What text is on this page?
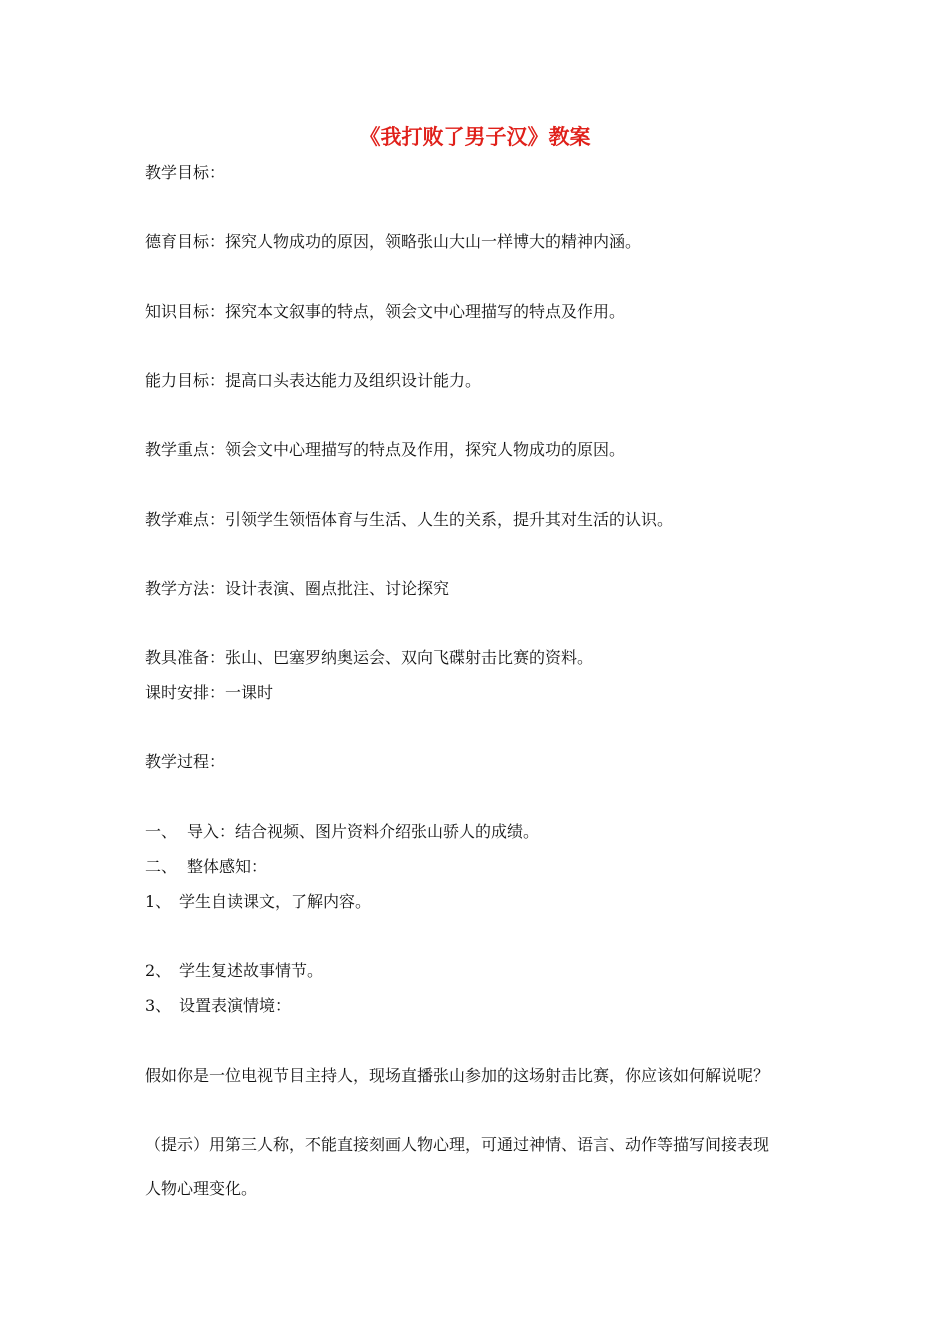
《我打败了男子汉》教案
教学目标：
德育目标：探究人物成功的原因，领略张山大山一样博大的精神内涵。
知识目标：探究本文叙事的特点，领会文中心理描写的特点及作用。
能力目标：提高口头表达能力及组织设计能力。
教学重点：领会文中心理描写的特点及作用，探究人物成功的原因。
教学难点：引领学生领悟体育与生活、人生的关系，提升其对生活的认识。
教学方法：设计表演、圈点批注、讨论探究
教具准备：张山、巴塞罗纳奥运会、双向飞碟射击比赛的资料。
课时安排：一课时
教学过程：
一、 导入：结合视频、图片资料介绍张山骄人的成绩。
二、 整体感知：
1、 学生自读课文，了解内容。
2、 学生复述故事情节。
3、 设置表演情境：
假如你是一位电视节目主持人，现场直播张山参加的这场射击比赛，你应该如何解说呢？
（提示）用第三人称，不能直接刻画人物心理，可通过神情、语言、动作等描写间接表现
人物心理变化。
